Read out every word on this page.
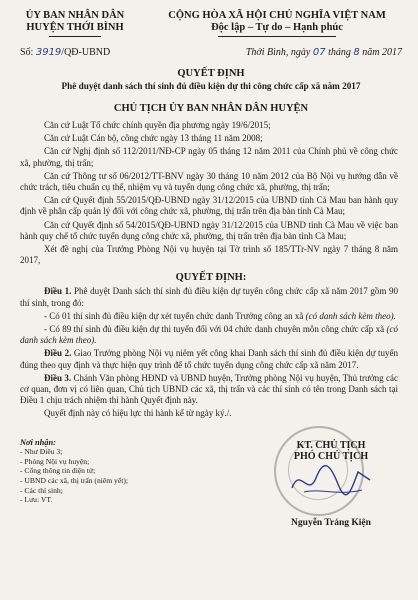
ỦY BAN NHÂN DÂN
HUYỆN THỚI BÌNH
CỘNG HÒA XÃ HỘI CHỦ NGHĨA VIỆT NAM
Độc lập – Tự do – Hạnh phúc
Số: 3919/QĐ-UBND	Thới Bình, ngày 07 tháng 8 năm 2017
QUYẾT ĐỊNH
Phê duyệt danh sách thí sinh đủ điều kiện dự thi công chức cấp xã năm 2017
CHỦ TỊCH ỦY BAN NHÂN DÂN HUYỆN

Căn cứ Luật Tổ chức chính quyền địa phương ngày 19/6/2015;

Căn cứ Luật Cán bộ, công chức ngày 13 tháng 11 năm 2008;

Căn cứ Nghị định số 112/2011/NĐ-CP ngày 05 tháng 12 năm 2011 của Chính phủ về công chức xã, phường, thị trấn;

Căn cứ Thông tư số 06/2012/TT-BNV ngày 30 tháng 10 năm 2012 của Bộ Nội vụ hướng dẫn về chức trách, tiêu chuẩn cụ thể, nhiệm vụ và tuyển dụng công chức xã, phường, thị trấn;

Căn cứ Quyết định 55/2015/QĐ-UBND ngày 31/12/2015 của UBND tỉnh Cà Mau ban hành quy định về phân cấp quản lý đối với công chức xã, phường, thị trấn trên địa bàn tỉnh Cà Mau;

Căn cứ Quyết định số 54/2015/QĐ-UBND ngày 31/12/2015 của UBND tỉnh Cà Mau về việc ban hành quy chế tổ chức tuyển dụng công chức xã, phường, thị trấn trên địa bàn tỉnh Cà Mau;

Xét đề nghị của Trưởng Phòng Nội vụ huyện tại Tờ trình số 185/TTr-NV ngày 7 tháng 8 năm 2017,

QUYẾT ĐỊNH:

Điều 1. Phê duyệt Danh sách thí sinh đủ điều kiện dự tuyển công chức cấp xã năm 2017 gồm 90 thí sinh, trong đó:

- Có 01 thí sinh đủ điều kiện dự xét tuyển chức danh Trưởng công an xã (có danh sách kèm theo).

- Có 89 thí sinh đủ điều kiện dự thi tuyển đối với 04 chức danh chuyên môn công chức cấp xã (có danh sách kèm theo).

Điều 2. Giao Trưởng phòng Nội vụ niêm yết công khai Danh sách thí sinh đủ điều kiện dự tuyển đúng theo quy định và thực hiện quy trình để tổ chức tuyển dụng công chức cấp xã năm 2017.

Điều 3. Chánh Văn phòng HĐND và UBND huyện, Trưởng phòng Nội vụ huyện, Thủ trưởng các cơ quan, đơn vị có liên quan, Chủ tịch UBND các xã, thị trấn và các thí sinh có tên trong Danh sách tại Điều 1 chịu trách nhiệm thi hành Quyết định này.

Quyết định này có hiệu lực thi hành kể từ ngày ký./.

Nơi nhận:
- Như Điều 3;
- Phòng Nội vụ huyện;
- Cổng thông tin điện tử;
- UBND các xã, thị trấn (niêm yết);
- Các thí sinh;
- Lưu: VT.
KT. CHỦ TỊCH
PHÓ CHỦ TỊCH
Nguyễn Tráng Kiện
